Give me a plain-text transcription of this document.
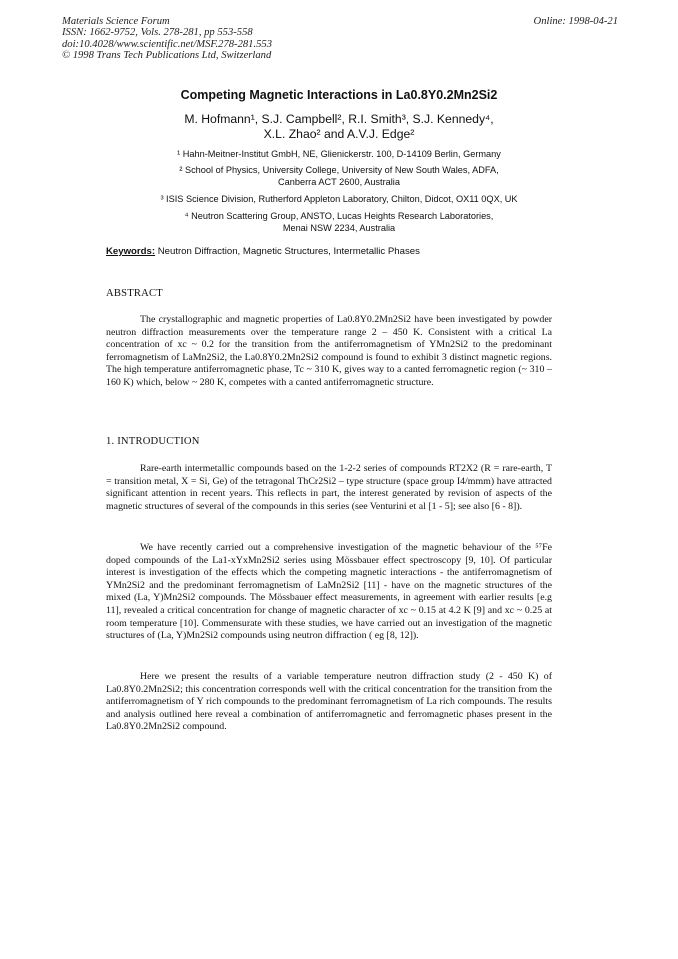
Materials Science Forum
ISSN: 1662-9752, Vols. 278-281, pp 553-558
doi:10.4028/www.scientific.net/MSF.278-281.553
© 1998 Trans Tech Publications Ltd, Switzerland
Online: 1998-04-21
Competing Magnetic Interactions in La0.8Y0.2Mn2Si2
M. Hofmann¹, S.J. Campbell², R.I. Smith³, S.J. Kennedy⁴,
X.L. Zhao² and A.V.J. Edge²
¹ Hahn-Meitner-Institut GmbH, NE, Glienickerstr. 100, D-14109 Berlin, Germany
² School of Physics, University College, University of New South Wales, ADFA,
Canberra ACT 2600, Australia
³ ISIS Science Division, Rutherford Appleton Laboratory, Chilton, Didcot, OX11 0QX, UK
⁴ Neutron Scattering Group, ANSTO, Lucas Heights Research Laboratories,
Menai NSW 2234, Australia
Keywords: Neutron Diffraction, Magnetic Structures, Intermetallic Phases
ABSTRACT

The crystallographic and magnetic properties of La0.8Y0.2Mn2Si2 have been investigated by powder neutron diffraction measurements over the temperature range 2 – 450 K. Consistent with a critical La concentration of xc ~ 0.2 for the transition from the antiferromagnetism of YMn2Si2 to the predominant ferromagnetism of LaMn2Si2, the La0.8Y0.2Mn2Si2 compound is found to exhibit 3 distinct magnetic regions. The high temperature antiferromagnetic phase, Tc ~ 310 K, gives way to a canted ferromagnetic region (~ 310 – 160 K) which, below ~ 280 K, competes with a canted antiferromagnetic structure.

1. INTRODUCTION

Rare-earth intermetallic compounds based on the 1-2-2 series of compounds RT2X2 (R = rare-earth, T = transition metal, X = Si, Ge) of the tetragonal ThCr2Si2 – type structure (space group I4/mmm) have attracted significant attention in recent years. This reflects in part, the interest generated by revision of aspects of the magnetic structures of several of the compounds in this series (see Venturini et al [1 - 5]; see also [6 - 8]).

We have recently carried out a comprehensive investigation of the magnetic behaviour of the ⁵⁷Fe doped compounds of the La1-xYxMn2Si2 series using Mössbauer effect spectroscopy [9, 10]. Of particular interest is investigation of the effects which the competing magnetic interactions - the antiferromagnetism of YMn2Si2 and the predominant ferromagnetism of LaMn2Si2 [11] - have on the magnetic structures of the mixed (La, Y)Mn2Si2 compounds. The Mössbauer effect measurements, in agreement with earlier results [e.g 11], revealed a critical concentration for change of magnetic character of xc ~ 0.15 at 4.2 K [9] and xc ~ 0.25 at room temperature [10]. Commensurate with these studies, we have carried out an investigation of the magnetic structures of (La, Y)Mn2Si2 compounds using neutron diffraction ( eg [8, 12]).

Here we present the results of a variable temperature neutron diffraction study (2 - 450 K) of La0.8Y0.2Mn2Si2; this concentration corresponds well with the critical concentration for the transition from the antiferromagnetism of Y rich compounds to the predominant ferromagnetism of La rich compounds. The results and analysis outlined here reveal a combination of antiferromagnetic and ferromagnetic phases present in the La0.8Y0.2Mn2Si2 compound.
